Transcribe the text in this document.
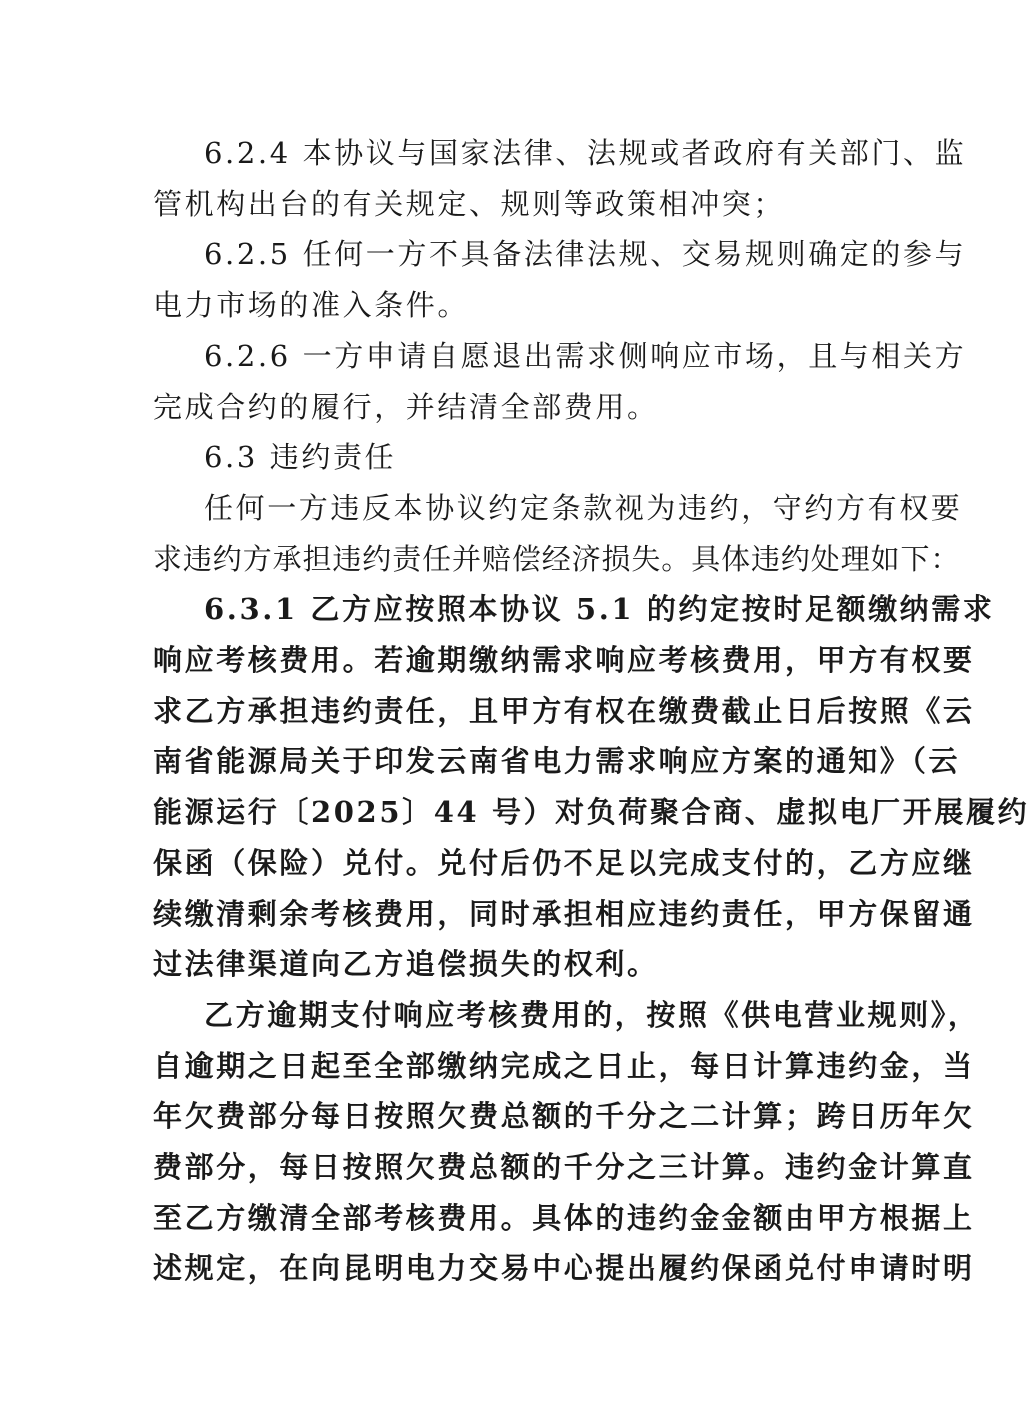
6.2.4 本协议与国家法律、法规或者政府有关部门、监
管机构出台的有关规定、规则等政策相冲突；

6.2.5 任何一方不具备法律法规、交易规则确定的参与
电力市场的准入条件。

6.2.6 一方申请自愿退出需求侧响应市场，且与相关方
完成合约的履行，并结清全部费用。

6.3 违约责任

任何一方违反本协议约定条款视为违约，守约方有权要
求违约方承担违约责任并赔偿经济损失。具体违约处理如下：

6.3.1 乙方应按照本协议 5.1 的约定按时足额缴纳需求
响应考核费用。若逾期缴纳需求响应考核费用，甲方有权要
求乙方承担违约责任，且甲方有权在缴费截止日后按照《云
南省能源局关于印发云南省电力需求响应方案的通知》（云
能源运行〔2025〕44 号）对负荷聚合商、虚拟电厂开展履约
保函（保险）兑付。兑付后仍不足以完成支付的，乙方应继
续缴清剩余考核费用，同时承担相应违约责任，甲方保留通
过法律渠道向乙方追偿损失的权利。

乙方逾期支付响应考核费用的，按照《供电营业规则》，
自逾期之日起至全部缴纳完成之日止，每日计算违约金，当
年欠费部分每日按照欠费总额的千分之二计算；跨日历年欠
费部分，每日按照欠费总额的千分之三计算。违约金计算直
至乙方缴清全部考核费用。具体的违约金金额由甲方根据上
述规定，在向昆明电力交易中心提出履约保函兑付申请时明
